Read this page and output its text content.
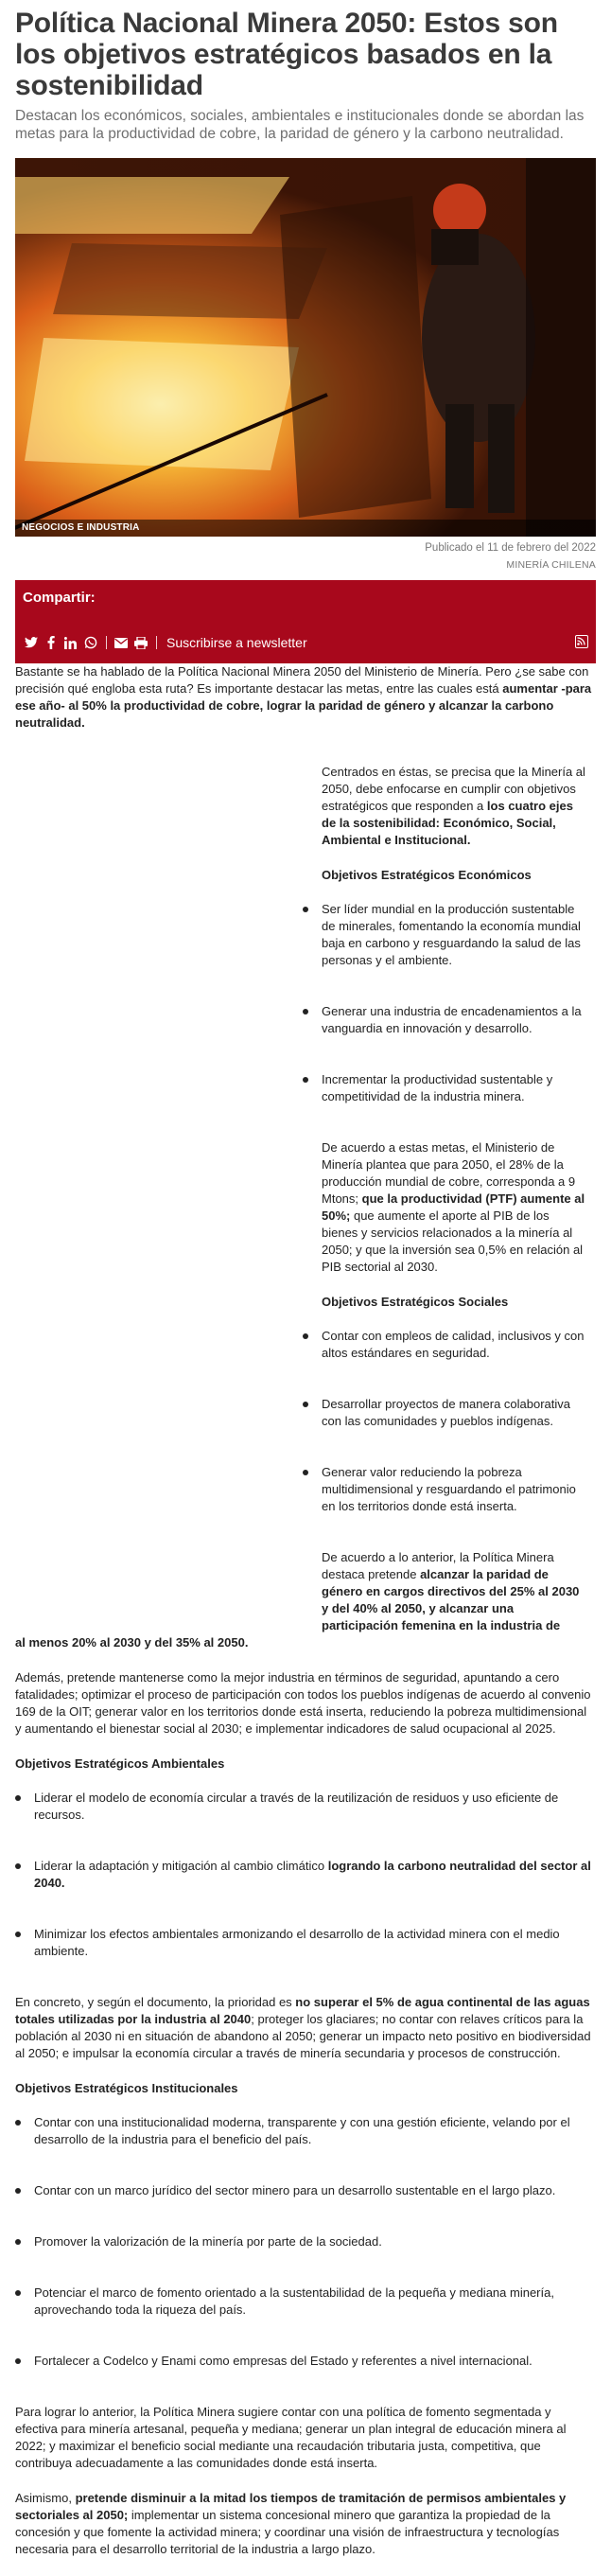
Política Nacional Minera 2050: Estos son los objetivos estratégicos basados en la sostenibilidad

Destacan los económicos, sociales, ambientales e institucionales donde se abordan las metas para la productividad de cobre, la paridad de género y la carbono neutralidad.

NEGOCIOS E INDUSTRIA
Publicado el 11 de febrero del 2022
MINERÍA CHILENA
Compartir:
Suscribirse a newsletter

Bastante se ha hablado de la Política Nacional Minera 2050 del Ministerio de Minería. Pero ¿se sabe con precisión qué engloba esta ruta? Es importante destacar las metas, entre las cuales está aumentar -para ese año- al 50% la productividad de cobre, lograr la paridad de género y alcanzar la carbono neutralidad.

Centrados en éstas, se precisa que la Minería al 2050, debe enfocarse en cumplir con objetivos estratégicos que responden a los cuatro ejes de la sostenibilidad: Económico, Social, Ambiental e Institucional.

Objetivos Estratégicos Económicos
Ser líder mundial en la producción sustentable de minerales, fomentando la economía mundial baja en carbono y resguardando la salud de las personas y el ambiente.
Generar una industria de encadenamientos a la vanguardia en innovación y desarrollo.
Incrementar la productividad sustentable y competitividad de la industria minera.

De acuerdo a estas metas, el Ministerio de Minería plantea que para 2050, el 28% de la producción mundial de cobre, corresponda a 9 Mtons; que la productividad (PTF) aumente al 50%; que aumente el aporte al PIB de los bienes y servicios relacionados a la minería al 2050; y que la inversión sea 0,5% en relación al PIB sectorial al 2030.

Objetivos Estratégicos Sociales
Contar con empleos de calidad, inclusivos y con altos estándares en seguridad.
Desarrollar proyectos de manera colaborativa con las comunidades y pueblos indígenas.
Generar valor reduciendo la pobreza multidimensional y resguardando el patrimonio en los territorios donde está inserta.

De acuerdo a lo anterior, la Política Minera destaca pretende alcanzar la paridad de género en cargos directivos del 25% al 2030 y del 40% al 2050, y alcanzar una participación femenina en la industria de

al menos 20% al 2030 y del 35% al 2050.

Además, pretende mantenerse como la mejor industria en términos de seguridad, apuntando a cero fatalidades; optimizar el proceso de participación con todos los pueblos indígenas de acuerdo al convenio 169 de la OIT; generar valor en los territorios donde está inserta, reduciendo la pobreza multidimensional y aumentando el bienestar social al 2030; e implementar indicadores de salud ocupacional al 2025.

Objetivos Estratégicos Ambientales
Liderar el modelo de economía circular a través de la reutilización de residuos y uso eficiente de recursos.
Liderar la adaptación y mitigación al cambio climático logrando la carbono neutralidad del sector al 2040.
Minimizar los efectos ambientales armonizando el desarrollo de la actividad minera con el medio ambiente.

En concreto, y según el documento, la prioridad es no superar el 5% de agua continental de las aguas totales utilizadas por la industria al 2040; proteger los glaciares; no contar con relaves críticos para la población al 2030 ni en situación de abandono al 2050; generar un impacto neto positivo en biodiversidad al 2050; e impulsar la economía circular a través de minería secundaria y procesos de construcción.

Objetivos Estratégicos Institucionales
Contar con una institucionalidad moderna, transparente y con una gestión eficiente, velando por el desarrollo de la industria para el beneficio del país.
Contar con un marco jurídico del sector minero para un desarrollo sustentable en el largo plazo.
Promover la valorización de la minería por parte de la sociedad.
Potenciar el marco de fomento orientado a la sustentabilidad de la pequeña y mediana minería, aprovechando toda la riqueza del país.
Fortalecer a Codelco y Enami como empresas del Estado y referentes a nivel internacional.

Para lograr lo anterior, la Política Minera sugiere contar con una política de fomento segmentada y efectiva para minería artesanal, pequeña y mediana; generar un plan integral de educación minera al 2022; y maximizar el beneficio social mediante una recaudación tributaria justa, competitiva, que contribuya adecuadamente a las comunidades donde está inserta.

Asimismo, pretende disminuir a la mitad los tiempos de tramitación de permisos ambientales y sectoriales al 2050; implementar un sistema concesional minero que garantiza la propiedad de la concesión y que fomente la actividad minera; y coordinar una visión de infraestructura y tecnologías necesaria para el desarrollo territorial de la industria a largo plazo.
